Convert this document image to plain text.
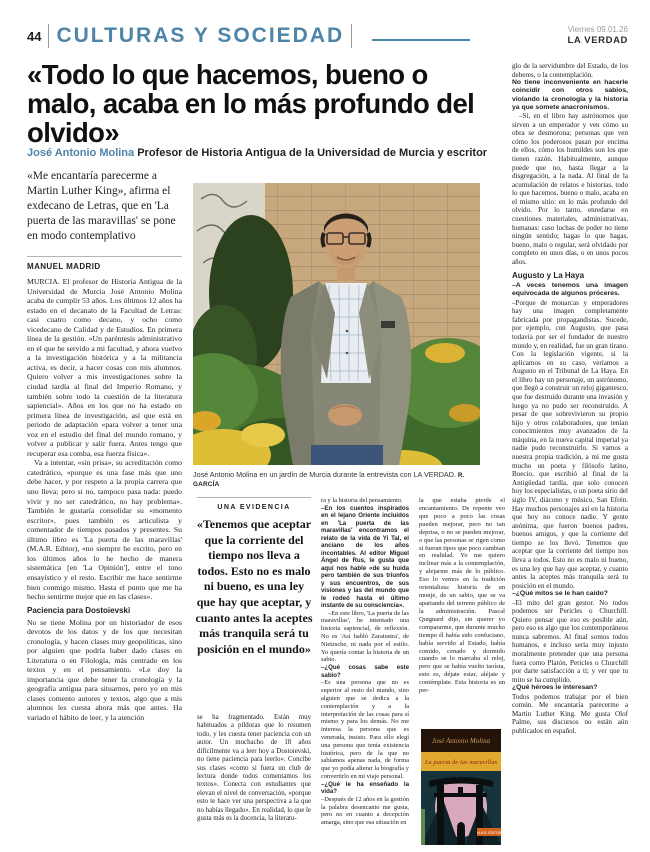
44 CULTURAS Y SOCIEDAD	Viernes 09.01.26
LA VERDAD
«Todo lo que hacemos, bueno o malo, acaba en lo más profundo del olvido»
José Antonio Molina Profesor de Historia Antigua de la Universidad de Murcia y escritor
«Me encantaría parecerme a Martin Luther King», afirma el exdecano de Letras, que en 'La puerta de las maravillas' se pone en modo contemplativo
MANUEL MADRID
MURCIA. El profesor de Historia Antigua de la Universidad de Murcia José Antonio Molina acaba de cumplir 53 años. Los últimos 12 años ha estado en el decanato de la Facultad de Letras: casi cuatro como decano, y ocho como vicedecano de Calidad y de Estudios. En primera línea de la gestión. «Un paréntesis administrativo en el que he servido a mi facultad, y ahora vuelvo a la investigación histórica y a la militancia activa, es decir, a hacer cosas con mis alumnos. Quiero volver a mis investigaciones sobre la ciudad tardía al final del Imperio Romano, y también sobre todo la cuestión de la literatura sapiencial». Años en los que no ha estado en primera línea de investigación, así que está en periodo de adaptación «para volver a tener una voz en el estudio del final del mundo romano, y volver a publicar y salir fuera. Antes tengo que recuperar esa comba, esa fuerza física».
Va a intentar, «sin prisa», su acreditación como catedrático, «porque es una fase más que uno debe hacer, y por respeto a la propia carrera que uno lleva; pero si no, tampoco pasa nada: puedo vivir y no ser catedrático, no hay problema». También le gustaría consolidar su «momento escritor», pues también es articulista y comentador de tiempos pasados y presentes. Su último libro es 'La puerta de las maravillas' (M.A.R. Editor), «no siempre he escrito, pero en los últimos años lo he hecho de manera sistemática [en 'La Opinión'], entre el tono ensayístico y el resto. Escribir me hace sentirme bien conmigo mismo. Hasta el punto que me ha hecho sentirme mejor que en las clases».
Paciencia para Dostoievski
No se tiene Molina por un historiador de esos devotos de los datos y de los que necesitan cronología, y hacen clases muy geopolíticas, sino por alguien que podría haber dado clases en Literatura o en Filología, más centrado en los textos y en el pensamiento. «Le doy la importancia que debe tener la cronología y la geografía antigua para situarnos, pero yo en mis clases comento autores y textos, algo que a mis alumnos les cuesta ahora más que antes. Ha variado el hábito de leer, y la atención
José Antonio Molina en un jardín de Murcia durante la entrevista con LA VERDAD. R. GARCÍA
UNA EVIDENCIA
«Tenemos que aceptar que la corriente del tiempo nos lleva a todos. Esto no es malo ni bueno, es una ley que hay que aceptar, y cuanto antes la aceptes más tranquila será tu posición en el mundo»
se ha fragmentado. Están muy habituados a píldoras que lo resumen todo, y les cuesta tener paciencia con un autor. Un muchacho de 18 años difícilmente va a leer hoy a Dostoievski, no tiene paciencia para leerlo». Concibe sus clases «como si fuera un club de lectura donde todos comentamos los textos». Conecta con estudiantes que elevan el nivel de conversación, «porque esto te hace ver una perspectiva a la que no habías llegado». En realidad, lo que le gusta más es la docencia, la literatu-
ra y la historia del pensamiento.
–En los cuentos inspirados en el lejano Oriente incluidos en 'La puerta de las maravillas' encontramos el relato de la vida de Yi Tal, el anciano de los años incontables. Al editor Miguel Ángel de Rus, le gusta que aquí nos hable «de su huida pero también de sus triunfos y sus encuentros, de sus visiones y las del mundo que le rodeó hasta el último instante de su consciencia».
–En este libro, 'La puerta de las maravillas', he intentado una historia sapiencial, de reflexión. No es 'Así habló Zaratustra', de Nietzsche, ni nada por el estilo. Yo quería contar la historia de un sabio.
–¿Qué cosas sabe este sabio?
–Es una persona que no es superior al resto del mundo, sino alguien que se dedica a la contemplación y a la interpretación de las cosas para sí mismo y para los demás. No me interesa la persona que es venerada, insisto. Para ello elegí una persona que tenía existencia histórica, pero de la que no sabíamos apenas nada, de forma que yo podía alterar la biografía y convertirlo en mi viaje personal.
–¿Qué le ha enseñado la vida?
–Después de 12 años en la gestión la palabra desencanto me gusta, pero no en cuanto a decepción amarga, sino que esa situación en
la que estaba pierde el encantamiento. De repente veo que poco a poco las cosas pueden mejorar, pero no tan deprisa, o no se pueden mejorar, o que las personas se rigen como si fueran tipos que poco cambian en realidad. Yo me quiero inclinar más a la contemplación, y alejarme más de lo público. Eso lo vemos en la tradición orientalista: historia de un monje, de un sabio, que se va apartando del terreno público de la administración. Pascal Quignard dijo, sin querer yo compararme, que durante mucho tiempo él había sido confuciano, había servido al Estado, había comido, cenado y dormido cuando se lo marcaba el reloj, pero que se había vuelto taoísta, esto es, déjate estar, aléjate y contémplate. Esta historia es un per-
José Antonio Molina
La puerta de las maravillas
M.A.R. EDITOR
glo de la servidumbre del Estado, de los deberes, o la contemplación.
No tiene inconveniente en hacerle coincidir con otros sabios, violando la cronología y la historia ya que somete anacronismos.
–Sí, en el libro hay astrónomos que sirven a un emperador y ven cómo su obra se desmorona; personas que ven cómo los poderosos pasan por encima de ellos, cómo los humildes son los que tienen razón. Habitualmente, aunque puede que no, hasta llegar a la disgregación, a la nada. Al final de la acumulación de relatos e historias, todo lo que hacemos, bueno o malo, acaba en el mismo sitio: en lo más profundo del olvido. Por lo tanto, enredarse en cuestiones materiales, administrativas, humanas: caso luchas de poder no tiene ningún sentido; hagas lo que hagas, bueno, malo o regular, será olvidado por completo en unos días, o en unos pocos años.
Augusto y La Haya
–A veces tenemos una imagen equivocada de algunos próceres.
–Porque de monarcas y emperadores hay una imagen completamente fabricada por propagandistas. Sucede, por ejemplo, con Augusto, que pasa todavía por ser el fundador de nuestro mundo y, en realidad, fue un gran tirano. Con la legislación vigente, si la aplicamos en su caso, veríamos a Augusto en el Tribunal de La Haya. En el libro hay un personaje, un astrónomo, que llegó a construir un reloj gigantesco, que fue destruido durante una invasión y luego ya no pudo ser reconstruido. A pesar de que sobrevivieron su propio hijo y otros colaboradores, que tenían conocimientos muy avanzados de la máquina, en la nueva capital imperial ya nadie pudo reconstruirlo. Si vamos a nuestra propia tradición, a mí me gusta mucho un poeta y filósofo latino, Boecio, que escribió al final de la Antigüedad tardía, que solo conocen hoy los especialistas, o un poeta sirio del siglo IV, diácono y músico, San Efrén. Hay muchos personajes así en la historia que hoy no conoce nadie. Y gente anónima, que fueron buenos padres, buenos amigos, y que la corriente del tiempo se los llevó. Tenemos que aceptar que la corriente del tiempo nos lleva a todos. Esto no es malo ni bueno, es una ley que hay que aceptar, y cuanto antes la aceptes más tranquila será tu posición en el mundo.
–¿Qué mitos se le han caído?
–El mito del gran gestor. No todos podemos ser Pericles o Churchill. Quiero pensar que eso es posible aún, pero eso es algo que los contemporáneos nunca sabremos. Al final somos todos humanos, e incluso sería muy injusto moralmente pretender que una persona fuera como Platón, Pericles o Churchill por darte satisfacción a ti; y ver que tu mito se ha cumplido.
¿Qué héroes le interesan?
Todos podemos trabajar por el bien común. Me encantaría parecerme a Martin Luther King. Me gusta Olof Palme, sus discursos no están aún publicados en español.
